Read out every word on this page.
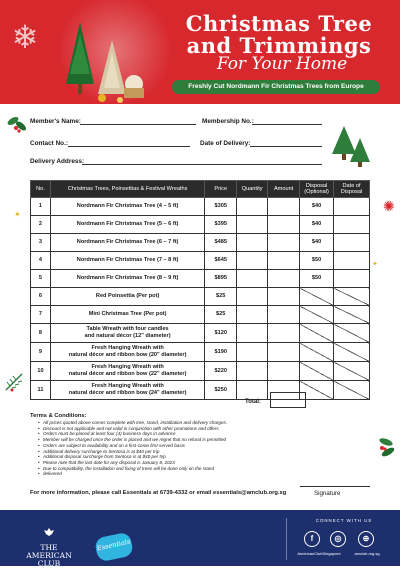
❄	Christmas Tree
and Trimmings
For Your Home
Freshly Cut Nordmann Fir Christmas Trees from Europe
✦
✺
✦
Member's Name:	Membership No.:
Contact No.:	Date of Delivery:
Delivery Address:
No.	Christmas Trees, Poinsettias & Festival Wreaths	Price	Quantity	Amount	Disposal (Optional)	Date of Disposal
1	Nordmann Fir Christmas Tree (4 – 5 ft)	$305			$40	
2	Nordmann Fir Christmas Tree (5 – 6 ft)	$395			$40	
3	Nordmann Fir Christmas Tree (6 – 7 ft)	$485			$40	
4	Nordmann Fir Christmas Tree (7 – 8 ft)	$645			$50	
5	Nordmann Fir Christmas Tree (8 – 9 ft)	$895			$50	
6	Red Poinsettia (Per pot)	$25				
7	Mini Christmas Tree (Per pot)	$25				
8	Table Wreath with four candles
and natural décor (12" diameter)	$120				
9	Fresh Hanging Wreath with
natural décor and ribbon bow (20" diameter)	$190				
10	Fresh Hanging Wreath with
natural décor and ribbon bow (22" diameter)	$220				
11	Fresh Hanging Wreath with
natural décor and ribbon bow (24" diameter)	$250				
Total:
Terms & Conditions:
• All prices quoted above comes complete with tree, stand, installation and delivery charges.
• Discount is not applicable and not valid in conjunction with other promotions and offers
• Orders must be placed at least four (4) business days in advance
• Member will be charged once the order is placed and we regret that no refund is permitted
• Orders are subject to availability and on a first-come first-served basis
• Additional delivery surcharge to Sentosa is at $40 per trip
• Additional disposal surcharge from Sentosa is at $40 per trip
• Please note that the last date for any disposal is January 8, 2023
• Due to compatibility, the installation and fixing of trees will be done only on the stand
• delivered
For more information, please call Essentials at 6739-4332 or email essentials@amclub.org.sg	Signature
THE
AMERICAN CLUB
SINGAPORE
Essentials
CONNECT WITH US
f	◎	⊕
AmericanClubSingapore	amclub.org.sg
